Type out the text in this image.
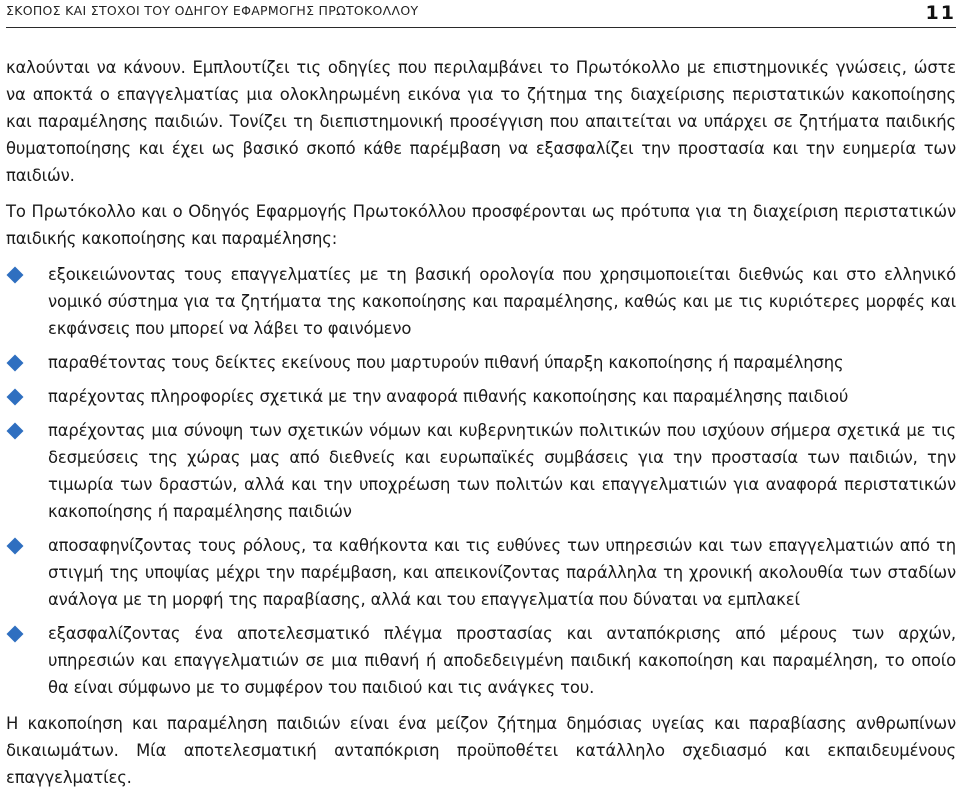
ΣΚΟΠΟΣ ΚΑΙ ΣΤΟΧΟΙ ΤΟΥ ΟΔΗΓΟΥ ΕΦΑΡΜΟΓΗΣ ΠΡΩΤΟΚΟΛΛΟΥ	11

καλούνται να κάνουν. Εμπλουτίζει τις οδηγίες που περιλαμβάνει το Πρωτόκολλο με επιστημονικές γνώσεις, ώστε να αποκτά ο επαγγελματίας μια ολοκληρωμένη εικόνα για το ζήτημα της διαχείρισης περιστατικών κακοποίησης και παραμέλησης παιδιών. Τονίζει τη διεπιστημονική προσέγγιση που απαιτείται να υπάρχει σε ζητήματα παιδικής θυματοποίησης και έχει ως βασικό σκοπό κάθε παρέμβαση να εξασφαλίζει την προστασία και την ευημερία των παιδιών.

Το Πρωτόκολλο και ο Οδηγός Εφαρμογής Πρωτοκόλλου προσφέρονται ως πρότυπα για τη διαχείριση περιστατικών παιδικής κακοποίησης και παραμέλησης:

εξοικειώνοντας τους επαγγελματίες με τη βασική ορολογία που χρησιμοποιείται διεθνώς και στο ελληνικό νομικό σύστημα για τα ζητήματα της κακοποίησης και παραμέλησης, καθώς και με τις κυριότερες μορφές και εκφάνσεις που μπορεί να λάβει το φαινόμενο
παραθέτοντας τους δείκτες εκείνους που μαρτυρούν πιθανή ύπαρξη κακοποίησης ή παραμέλησης
παρέχοντας πληροφορίες σχετικά με την αναφορά πιθανής κακοποίησης και παραμέλησης παιδιού
παρέχοντας μια σύνοψη των σχετικών νόμων και κυβερνητικών πολιτικών που ισχύουν σήμερα σχετικά με τις δεσμεύσεις της χώρας μας από διεθνείς και ευρωπαϊκές συμβάσεις για την προστασία των παιδιών, την τιμωρία των δραστών, αλλά και την υποχρέωση των πολιτών και επαγγελματιών για αναφορά περιστατικών κακοποίησης ή παραμέλησης παιδιών
αποσαφηνίζοντας τους ρόλους, τα καθήκοντα και τις ευθύνες των υπηρεσιών και των επαγγελματιών από τη στιγμή της υποψίας μέχρι την παρέμβαση, και απεικονίζοντας παράλληλα τη χρονική ακολουθία των σταδίων ανάλογα με τη μορφή της παραβίασης, αλλά και του επαγγελματία που δύναται να εμπλακεί
εξασφαλίζοντας ένα αποτελεσματικό πλέγμα προστασίας και ανταπόκρισης από μέρους των αρχών, υπηρεσιών και επαγγελματιών σε μια πιθανή ή αποδεδειγμένη παιδική κακοποίηση και παραμέληση, το οποίο θα είναι σύμφωνο με το συμφέρον του παιδιού και τις ανάγκες του.

Η κακοποίηση και παραμέληση παιδιών είναι ένα μείζον ζήτημα δημόσιας υγείας και παραβίασης ανθρωπίνων δικαιωμάτων. Μία αποτελεσματική ανταπόκριση προϋποθέτει κατάλληλο σχεδιασμό και εκπαιδευμένους επαγγελματίες.
